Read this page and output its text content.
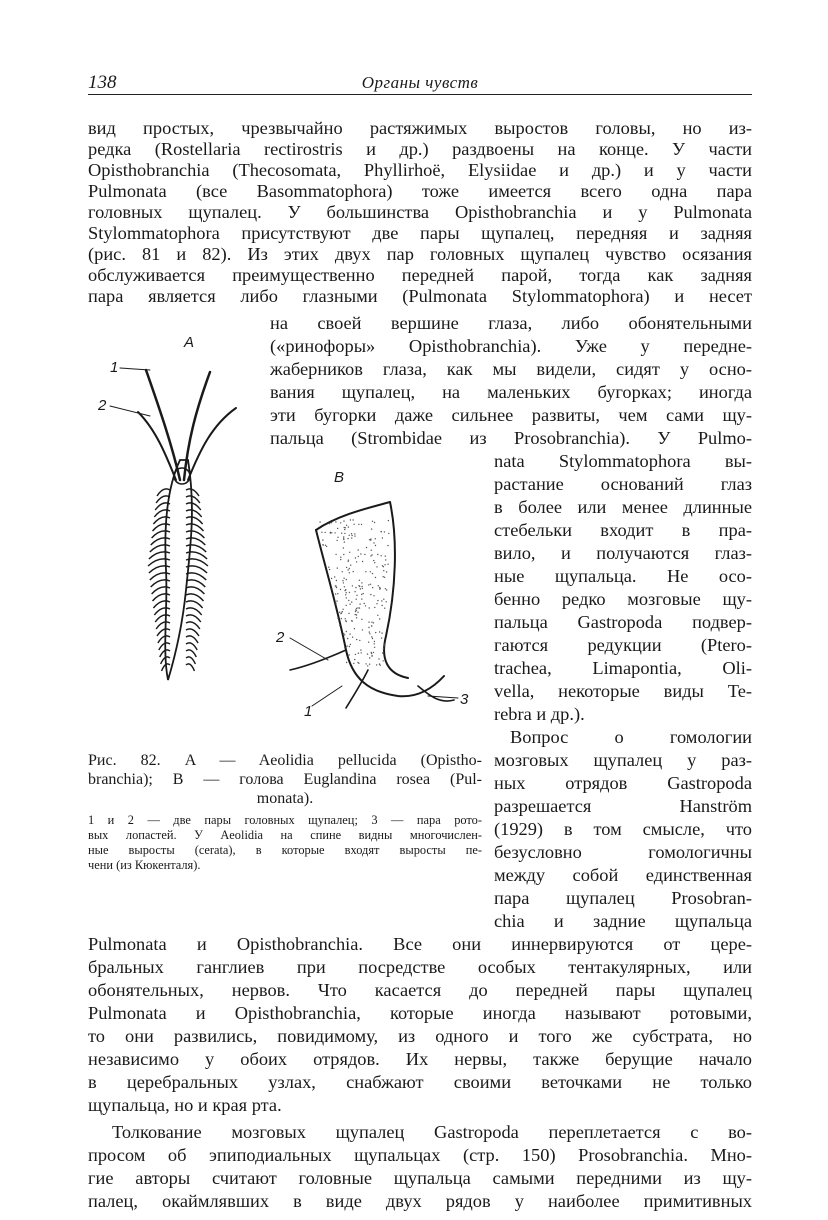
138	Органы чувств
вид простых, чрезвычайно растяжимых выростов головы, но из-
редка (Rostellaria rectirostris и др.) раздвоены на конце. У части
Opisthobranchia (Thecosomata, Phyllirhoë, Elysiidae и др.) и у части
Pulmonata (все Basommatophora) тоже имеется всего одна пара
головных щупалец. У большинства Opisthobranchia и у Pulmonata
Stylommatophora присутствуют две пары щупалец, передняя и задняя
(рис. 81 и 82). Из этих двух пар головных щупалец чувство осязания
обслуживается преимущественно передней парой, тогда как задняя
пара является либо глазными (Pulmonata Stylommatophora) и несет
на своей вершине глаза, либо обонятельными
(«ринофоры» Opisthobranchia). Уже у передне-
жаберников глаза, как мы видели, сидят у осно-
вания щупалец, на маленьких бугорках; иногда
эти бугорки даже сильнее развиты, чем сами щу-
пальца (Strombidae из Prosobranchia). У Pulmo-
nata Stylommatophora вы-
растание оснований глаз
в более или менее длинные
стебельки входит в пра-
вило, и получаются глаз-
ные щупальца. Не осо-
бенно редко мозговые щу-
пальца Gastropoda подвер-
гаются редукции (Ptero-
trachea, Limapontia, Oli-
vella, некоторые виды Te-
rebra и др.).
Вопрос о гомологии
мозговых щупалец у раз-
ных отрядов Gastropoda
разрешается Hanström
(1929) в том смысле, что
безусловно гомологичны
между собой единственная
пара щупалец Prosobran-
chia и задние щупальца
Pulmonata и Opisthobranchia. Все они иннервируются от цере-
бральных ганглиев при посредстве особых тентакулярных, или
обонятельных, нервов. Что касается до передней пары щупалец
Pulmonata и Opisthobranchia, которые иногда называют ротовыми,
то они развились, повидимому, из одного и того же субстрата, но
независимо у обоих отрядов. Их нервы, также берущие начало
в церебральных узлах, снабжают своими веточками не только
щупальца, но и края рта.
Толкование мозговых щупалец Gastropoda переплетается с во-
просом об эпиподиальных щупальцах (стр. 150) Prosobranchia. Мно-
гие авторы считают головные щупальца самыми передними из щу-
палец, окаймлявших в виде двух рядов у наиболее примитивных
A
1
2
B
2
1
3
Рис. 82. A — Aeolidia pellucida (Opistho-
branchia); B — голова Euglandina rosea (Pul-
monata).
1 и 2 — две пары головных щупалец; 3 — пара рото-
вых лопастей. У Aeolidia на спине видны многочислен-
ные выросты (cerata), в которые входят выросты пе-
чени (из Кюкенталя).
